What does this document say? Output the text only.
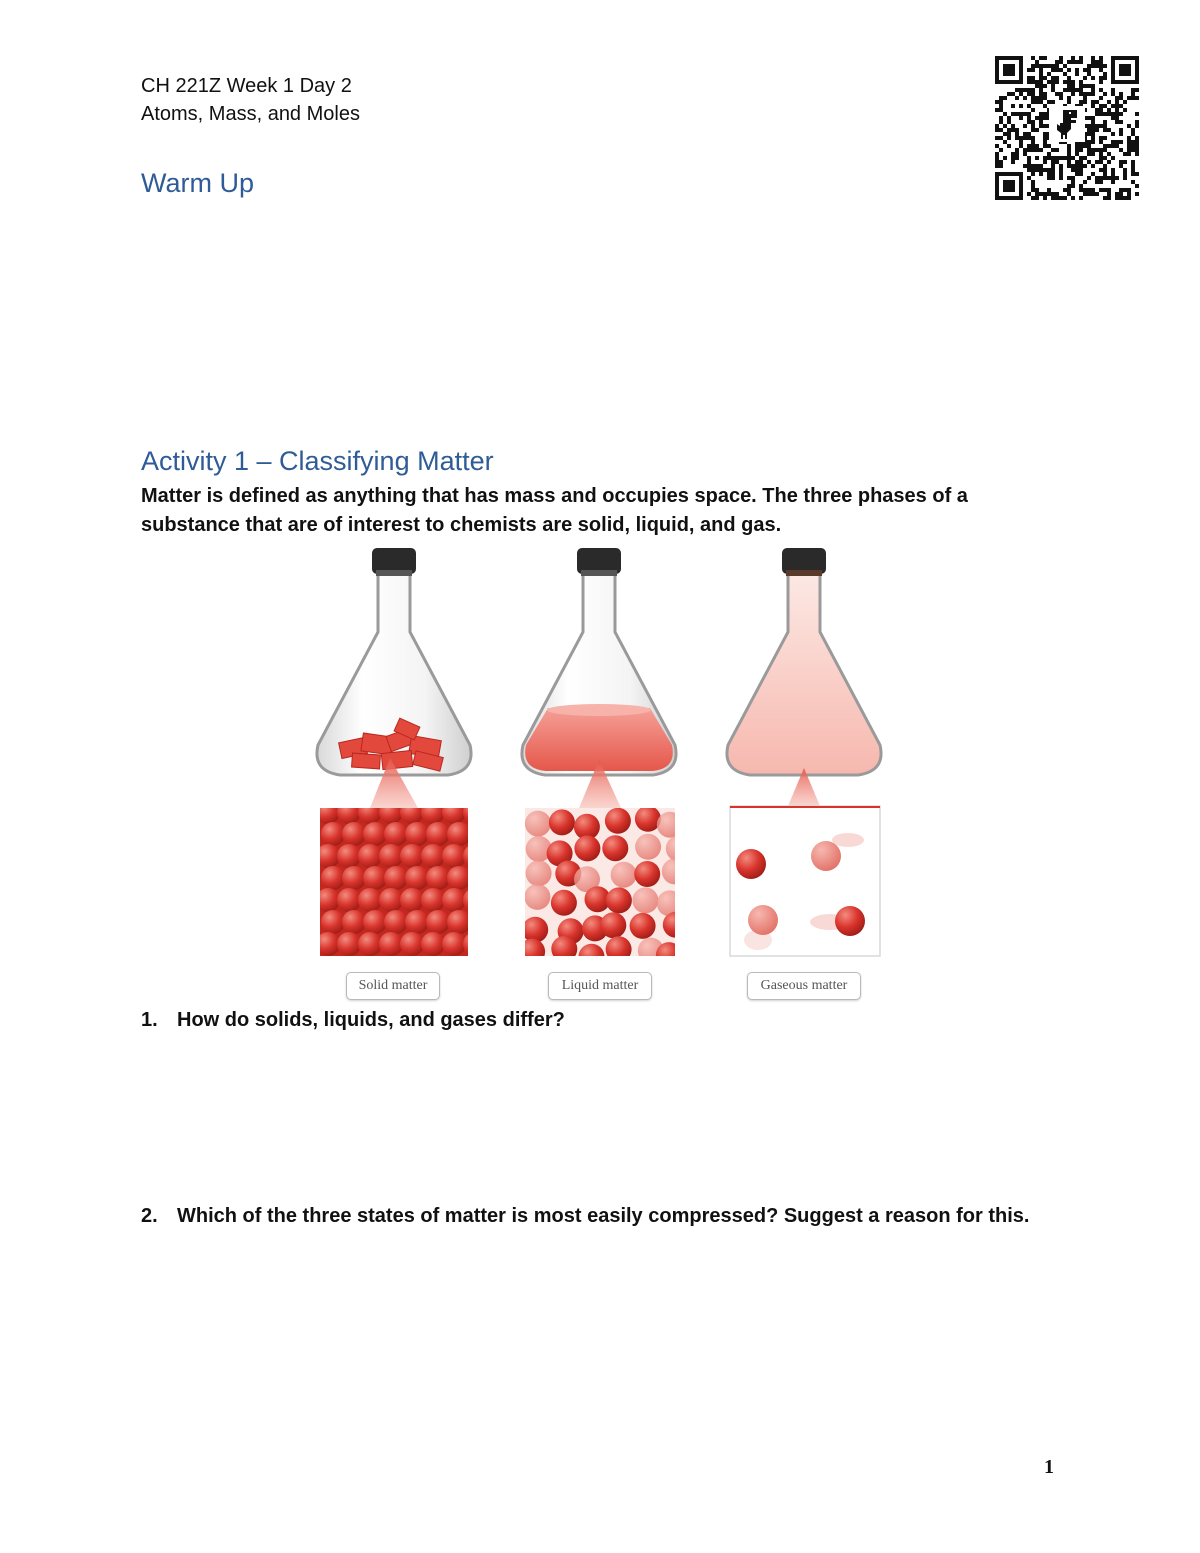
CH 221Z Week 1 Day 2
Atoms, Mass, and Moles
Warm Up
Activity 1 – Classifying Matter
Matter is defined as anything that has mass and occupies space. The three phases of a
substance that are of interest to chemists are solid, liquid, and gas.
Solid matter	Liquid matter	Gaseous matter
1. How do solids, liquids, and gases differ?
2. Which of the three states of matter is most easily compressed? Suggest a reason for this.
1
